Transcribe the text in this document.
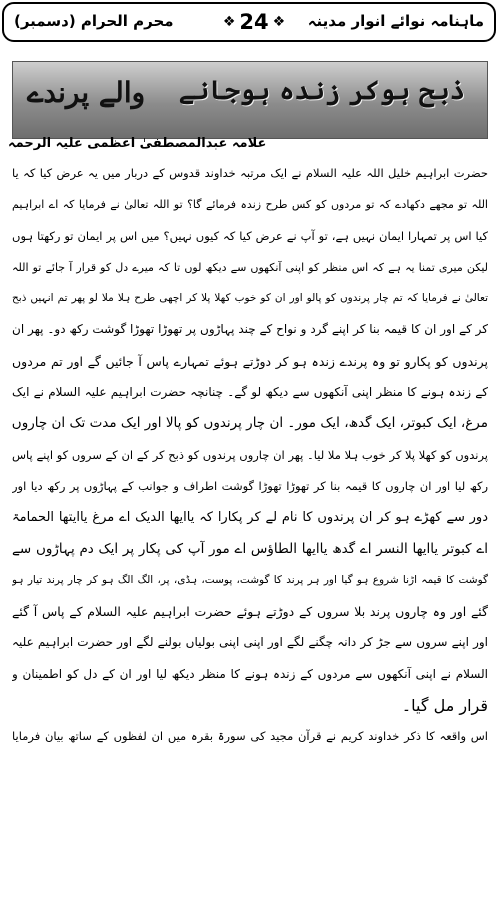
محرم الحرام (دسمبر)	❖ 24 ❖ ماہنامہ نوائے انوار مدینہ
ذبح ہوکر زندہ ہوجانے
والے پرندے
علامہ عبدالمصطفیٰ اعظمی علیہ الرحمہ
حضرت ابراہیم خلیل اللہ علیہ السلام نے ایک مرتبہ خداوند قدوس کے دربار میں یہ عرض کیا کہ یا
اللہ تو مجھے دکھادے کہ تو مردوں کو کس طرح زندہ فرمائے گا؟ تو اللہ تعالیٰ نے فرمایا کہ اے ابراہیم
کیا اس پر تمہارا ایمان نہیں ہے، تو آپ نے عرض کیا کہ کیوں نہیں؟ میں اس پر ایمان تو رکھتا ہوں
لیکن میری تمنا یہ ہے کہ اس منظر کو اپنی آنکھوں سے دیکھ لوں تا کہ میرے دل کو قرار آ جائے تو اللہ
تعالیٰ نے فرمایا کہ تم چار پرندوں کو پالو اور ان کو خوب کھلا پلا کر اچھی طرح ہلا ملا لو پھر تم انہیں ذبح
کر کے اور ان کا قیمہ بنا کر اپنے گرد و نواح کے چند پہاڑوں پر تھوڑا تھوڑا گوشت رکھ دو۔ پھر ان
پرندوں کو پکارو تو وہ پرندے زندہ ہو کر دوڑتے ہوئے تمہارے پاس آ جائیں گے اور تم مردوں
کے زندہ ہونے کا منظر اپنی آنکھوں سے دیکھ لو گے۔ چنانچہ حضرت ابراہیم علیہ السلام نے ایک
مرغ، ایک کبوتر، ایک گدھ، ایک مور۔ ان چار پرندوں کو پالا اور ایک مدت تک ان چاروں
پرندوں کو کھلا پلا کر خوب ہلا ملا لیا۔ پھر ان چاروں پرندوں کو ذبح کر کے ان کے سروں کو اپنے پاس
رکھ لیا اور ان چاروں کا قیمہ بنا کر تھوڑا تھوڑا گوشت اطراف و جوانب کے پہاڑوں پر رکھ دیا اور
دور سے کھڑے ہو کر ان پرندوں کا نام لے کر پکارا کہ یاایھا الدیک اے مرغ یاایتھا الحمامۃ
اے کبوتر یاایھا النسر اے گدھ یاایھا الطاؤس اے مور آپ کی پکار پر ایک دم پہاڑوں سے
گوشت کا قیمہ اڑنا شروع ہو گیا اور ہر پرند کا گوشت، پوست، ہڈی، پر، الگ الگ ہو کر چار پرند تیار ہو
گئے اور وہ چاروں پرند بلا سروں کے دوڑتے ہوئے حضرت ابراہیم علیہ السلام کے پاس آ گئے
اور اپنے سروں سے جڑ کر دانہ چگنے لگے اور اپنی اپنی بولیاں بولنے لگے اور حضرت ابراہیم علیہ
السلام نے اپنی آنکھوں سے مردوں کے زندہ ہونے کا منظر دیکھ لیا اور ان کے دل کو اطمینان و
قرار مل گیا۔
اس واقعہ کا ذکر خداوند کریم نے قرآن مجید کی سورۃ بقرہ میں ان لفظوں کے ساتھ بیان فرمایا
